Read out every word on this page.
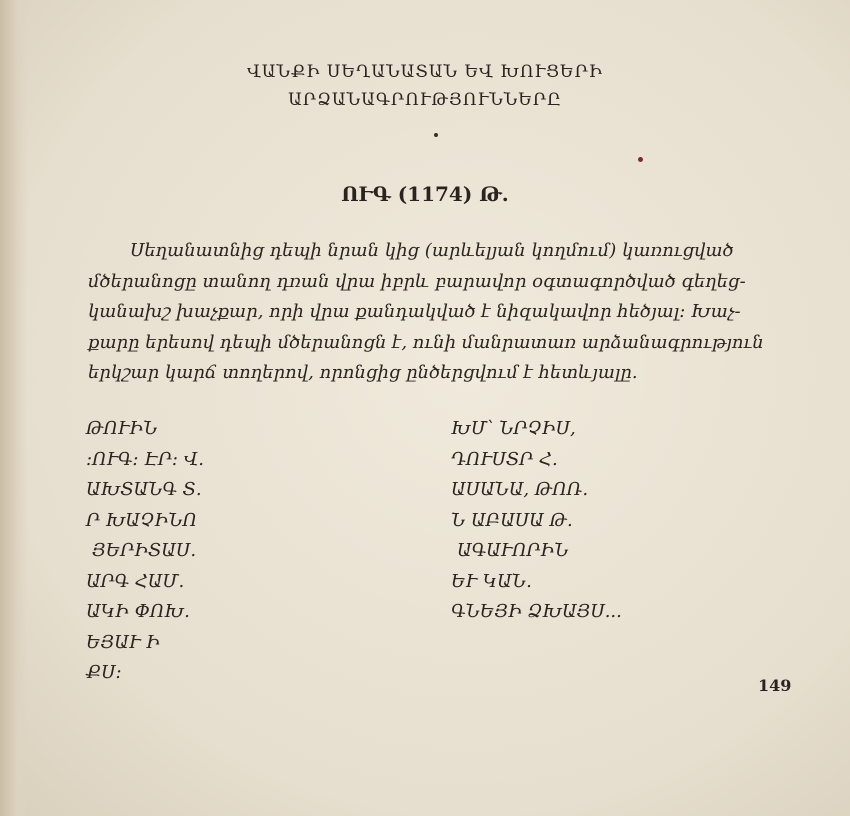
ՎԱՆՔԻ ՍԵՂԱՆԱՏԱՆ ԵՎ ԽՈՒՑԵՐԻ
ԱՐՁԱՆԱԳՐՈՒԹՅՈՒՆՆԵՐԸ
ՈՒԳ (1174) Թ.
Սեղանատնից դեպի նրան կից (արևելյան կողմում) կառուցված
մծերանոցը տանող դռան վրա իբրև բարավոր օգտագործված գեղեց-
կանախշ խաչքար, որի վրա քանդակված է նիզակավոր հեծյալ։ Խաչ-
քարը երեսով դեպի մծերանոցն է, ունի մանրատառ արձանագրություն
երկշար կարճ տողերով, որոնցից ընծերցվում է հետևյալը.
ԹՈՒԻՆ
։ՈՒԳ։ ԷՐ։ Վ․
ԱԽՏԱՆԳ Տ․
Ր ԽԱՉԻՆՈ
ՅԵՐԻՏԱՍ․
ԱՐԳ ՀԱՄ․
ԱԿԻ ՓՈԽ․
ԵՅԱՒ Ի
ՔՍ։
ԽՄ՝ ՆՐՉԻՍ,
ԴՈՒՍՏՐ Հ․
ԱՍԱՆԱ, ԹՈՌ․
Ն ԱԲԱՍԱ Թ․
ԱԳԱՒՈՐԻՆ
ԵՒ ԿԱՆ․
ԳՆԵՅԻ ՁԽԱՅՍ...
149
